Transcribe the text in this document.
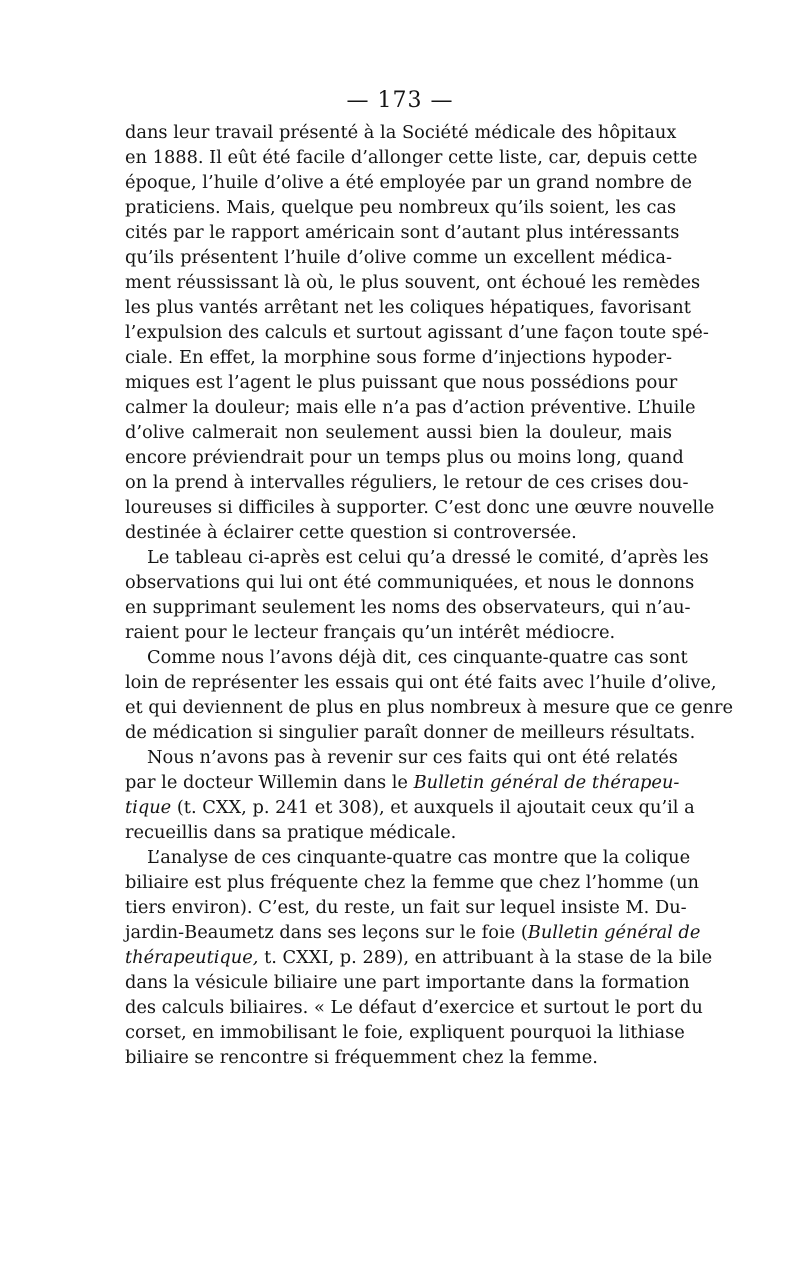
— 173 —
dans leur travail présenté à la Société médicale des hôpitaux
en 1888. Il eût été facile d’allonger cette liste, car, depuis cette
époque, l’huile d’olive a été employée par un grand nombre de
praticiens. Mais, quelque peu nombreux qu’ils soient, les cas
cités par le rapport américain sont d’autant plus intéressants
qu’ils présentent l’huile d’olive comme un excellent médica-
ment réussissant là où, le plus souvent, ont échoué les remèdes
les plus vantés arrêtant net les coliques hépatiques, favorisant
l’expulsion des calculs et surtout agissant d’une façon toute spé-
ciale. En effet, la morphine sous forme d’injections hypoder-
miques est l’agent le plus puissant que nous possédions pour
calmer la douleur; mais elle n’a pas d’action préventive. L’huile
d’olive calmerait non seulement aussi bien la douleur, mais
encore préviendrait pour un temps plus ou moins long, quand
on la prend à intervalles réguliers, le retour de ces crises dou-
loureuses si difficiles à supporter. C’est donc une œuvre nouvelle
destinée à éclairer cette question si controversée.
Le tableau ci-après est celui qu’a dressé le comité, d’après les
observations qui lui ont été communiquées, et nous le donnons
en supprimant seulement les noms des observateurs, qui n’au-
raient pour le lecteur français qu’un intérêt médiocre.
Comme nous l’avons déjà dit, ces cinquante-quatre cas sont
loin de représenter les essais qui ont été faits avec l’huile d’olive,
et qui deviennent de plus en plus nombreux à mesure que ce genre
de médication si singulier paraît donner de meilleurs résultats.
Nous n’avons pas à revenir sur ces faits qui ont été relatés
par le docteur Willemin dans le Bulletin général de thérapeu-
tique (t. CXX, p. 241 et 308), et auxquels il ajoutait ceux qu’il a
recueillis dans sa pratique médicale.
L’analyse de ces cinquante-quatre cas montre que la colique
biliaire est plus fréquente chez la femme que chez l’homme (un
tiers environ). C’est, du reste, un fait sur lequel insiste M. Du-
jardin-Beaumetz dans ses leçons sur le foie (Bulletin général de
thérapeutique, t. CXXI, p. 289), en attribuant à la stase de la bile
dans la vésicule biliaire une part importante dans la formation
des calculs biliaires. « Le défaut d’exercice et surtout le port du
corset, en immobilisant le foie, expliquent pourquoi la lithiase
biliaire se rencontre si fréquemment chez la femme.
